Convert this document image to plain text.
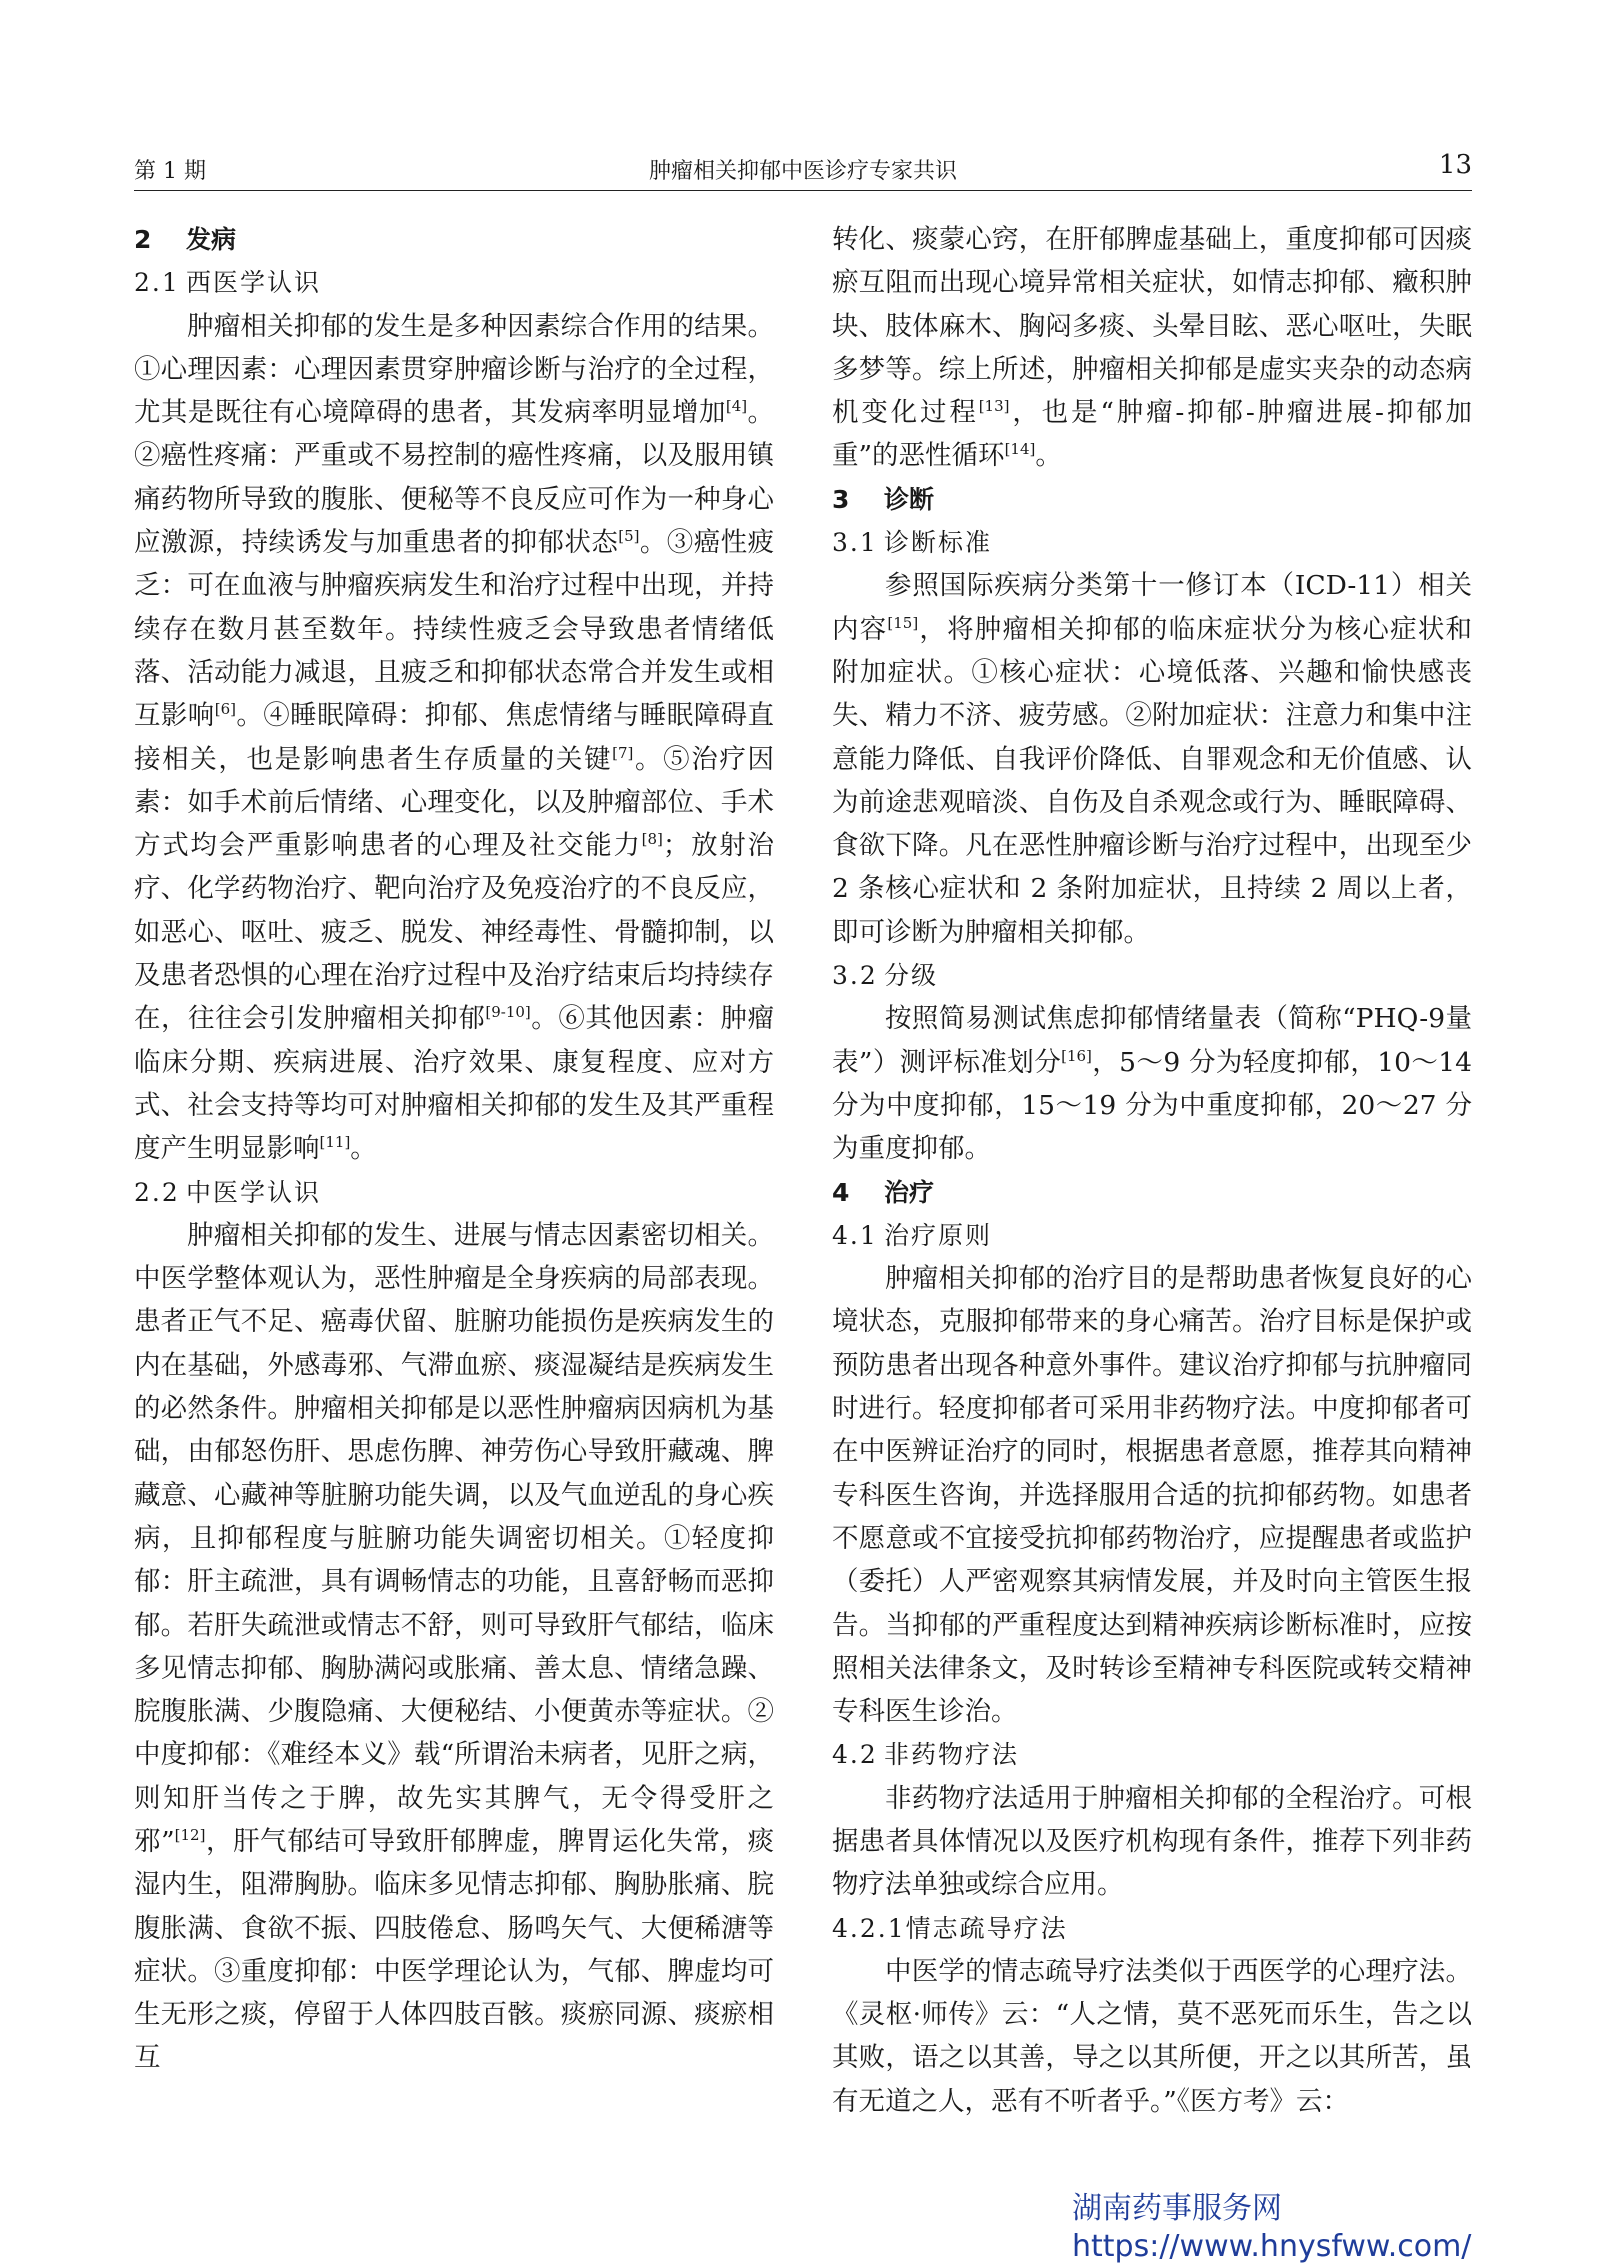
第 1 期	肿瘤相关抑郁中医诊疗专家共识	13
2 发病
2.1 西医学认识

肿瘤相关抑郁的发生是多种因素综合作用的结果。①心理因素：心理因素贯穿肿瘤诊断与治疗的全过程，尤其是既往有心境障碍的患者，其发病率明显增加[4]。②癌性疼痛：严重或不易控制的癌性疼痛，以及服用镇痛药物所导致的腹胀、便秘等不良反应可作为一种身心应激源，持续诱发与加重患者的抑郁状态[5]。③癌性疲乏：可在血液与肿瘤疾病发生和治疗过程中出现，并持续存在数月甚至数年。持续性疲乏会导致患者情绪低落、活动能力减退，且疲乏和抑郁状态常合并发生或相互影响[6]。④睡眠障碍：抑郁、焦虑情绪与睡眠障碍直接相关，也是影响患者生存质量的关键[7]。⑤治疗因素：如手术前后情绪、心理变化，以及肿瘤部位、手术方式均会严重影响患者的心理及社交能力[8]；放射治疗、化学药物治疗、靶向治疗及免疫治疗的不良反应，如恶心、呕吐、疲乏、脱发、神经毒性、骨髓抑制，以及患者恐惧的心理在治疗过程中及治疗结束后均持续存在，往往会引发肿瘤相关抑郁[9-10]。⑥其他因素：肿瘤临床分期、疾病进展、治疗效果、康复程度、应对方式、社会支持等均可对肿瘤相关抑郁的发生及其严重程度产生明显影响[11]。

2.2 中医学认识

肿瘤相关抑郁的发生、进展与情志因素密切相关。中医学整体观认为，恶性肿瘤是全身疾病的局部表现。患者正气不足、癌毒伏留、脏腑功能损伤是疾病发生的内在基础，外感毒邪、气滞血瘀、痰湿凝结是疾病发生的必然条件。肿瘤相关抑郁是以恶性肿瘤病因病机为基础，由郁怒伤肝、思虑伤脾、神劳伤心导致肝藏魂、脾藏意、心藏神等脏腑功能失调，以及气血逆乱的身心疾病，且抑郁程度与脏腑功能失调密切相关。①轻度抑郁：肝主疏泄，具有调畅情志的功能，且喜舒畅而恶抑郁。若肝失疏泄或情志不舒，则可导致肝气郁结，临床多见情志抑郁、胸胁满闷或胀痛、善太息、情绪急躁、脘腹胀满、少腹隐痛、大便秘结、小便黄赤等症状。②中度抑郁：《难经本义》载“所谓治未病者，见肝之病，则知肝当传之于脾，故先实其脾气，无令得受肝之邪”[12]，肝气郁结可导致肝郁脾虚，脾胃运化失常，痰湿内生，阻滞胸胁。临床多见情志抑郁、胸胁胀痛、脘腹胀满、食欲不振、四肢倦怠、肠鸣矢气、大便稀溏等症状。③重度抑郁：中医学理论认为，气郁、脾虚均可生无形之痰，停留于人体四肢百骸。痰瘀同源、痰瘀相互

转化、痰蒙心窍，在肝郁脾虚基础上，重度抑郁可因痰瘀互阻而出现心境异常相关症状，如情志抑郁、癥积肿块、肢体麻木、胸闷多痰、头晕目眩、恶心呕吐，失眠多梦等。综上所述，肿瘤相关抑郁是虚实夹杂的动态病机变化过程[13]，也是“肿瘤-抑郁-肿瘤进展-抑郁加重”的恶性循环[14]。

3 诊断
3.1 诊断标准

参照国际疾病分类第十一修订本（ICD-11）相关内容[15]，将肿瘤相关抑郁的临床症状分为核心症状和附加症状。①核心症状：心境低落、兴趣和愉快感丧失、精力不济、疲劳感。②附加症状：注意力和集中注意能力降低、自我评价降低、自罪观念和无价值感、认为前途悲观暗淡、自伤及自杀观念或行为、睡眠障碍、食欲下降。凡在恶性肿瘤诊断与治疗过程中，出现至少 2 条核心症状和 2 条附加症状，且持续 2 周以上者，即可诊断为肿瘤相关抑郁。

3.2 分级

按照简易测试焦虑抑郁情绪量表（简称“PHQ-9量表”）测评标准划分[16]，5～9 分为轻度抑郁，10～14 分为中度抑郁，15～19 分为中重度抑郁，20～27 分为重度抑郁。

4 治疗
4.1 治疗原则

肿瘤相关抑郁的治疗目的是帮助患者恢复良好的心境状态，克服抑郁带来的身心痛苦。治疗目标是保护或预防患者出现各种意外事件。建议治疗抑郁与抗肿瘤同时进行。轻度抑郁者可采用非药物疗法。中度抑郁者可在中医辨证治疗的同时，根据患者意愿，推荐其向精神专科医生咨询，并选择服用合适的抗抑郁药物。如患者不愿意或不宜接受抗抑郁药物治疗，应提醒患者或监护（委托）人严密观察其病情发展，并及时向主管医生报告。当抑郁的严重程度达到精神疾病诊断标准时，应按照相关法律条文，及时转诊至精神专科医院或转交精神专科医生诊治。

4.2 非药物疗法

非药物疗法适用于肿瘤相关抑郁的全程治疗。可根据患者具体情况以及医疗机构现有条件，推荐下列非药物疗法单独或综合应用。

4.2.1情志疏导疗法

中医学的情志疏导疗法类似于西医学的心理疗法。《灵枢·师传》云：“人之情，莫不恶死而乐生，告之以其败，语之以其善，导之以其所便，开之以其所苦，虽有无道之人，恶有不听者乎。”《医方考》云：

湖南药事服务网
https://www.hnysfww.com/
